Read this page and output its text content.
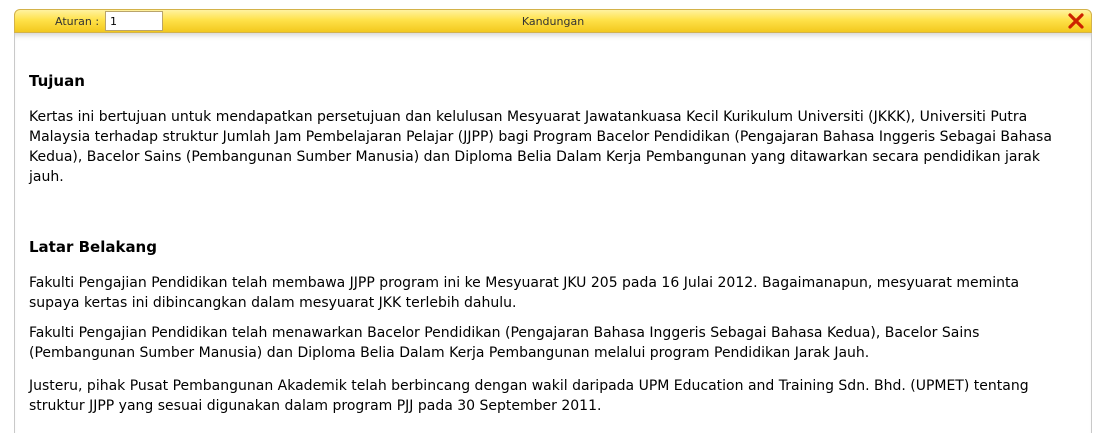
Aturan :
1	Kandungan
Tujuan

Kertas ini bertujuan untuk mendapatkan persetujuan dan kelulusan Mesyuarat Jawatankuasa Kecil Kurikulum Universiti (JKKK), Universiti Putra Malaysia terhadap struktur Jumlah Jam Pembelajaran Pelajar (JJPP) bagi Program Bacelor Pendidikan (Pengajaran Bahasa Inggeris Sebagai Bahasa Kedua), Bacelor Sains (Pembangunan Sumber Manusia) dan Diploma Belia Dalam Kerja Pembangunan yang ditawarkan secara pendidikan jarak jauh.

Latar Belakang

Fakulti Pengajian Pendidikan telah membawa JJPP program ini ke Mesyuarat JKU 205 pada 16 Julai 2012. Bagaimanapun, mesyuarat meminta supaya kertas ini dibincangkan dalam mesyuarat JKK terlebih dahulu.

Fakulti Pengajian Pendidikan telah menawarkan Bacelor Pendidikan (Pengajaran Bahasa Inggeris Sebagai Bahasa Kedua), Bacelor Sains (Pembangunan Sumber Manusia) dan Diploma Belia Dalam Kerja Pembangunan melalui program Pendidikan Jarak Jauh.

Justeru, pihak Pusat Pembangunan Akademik telah berbincang dengan wakil daripada UPM Education and Training Sdn. Bhd. (UPMET) tentang struktur JJPP yang sesuai digunakan dalam program PJJ pada 30 September 2011.
